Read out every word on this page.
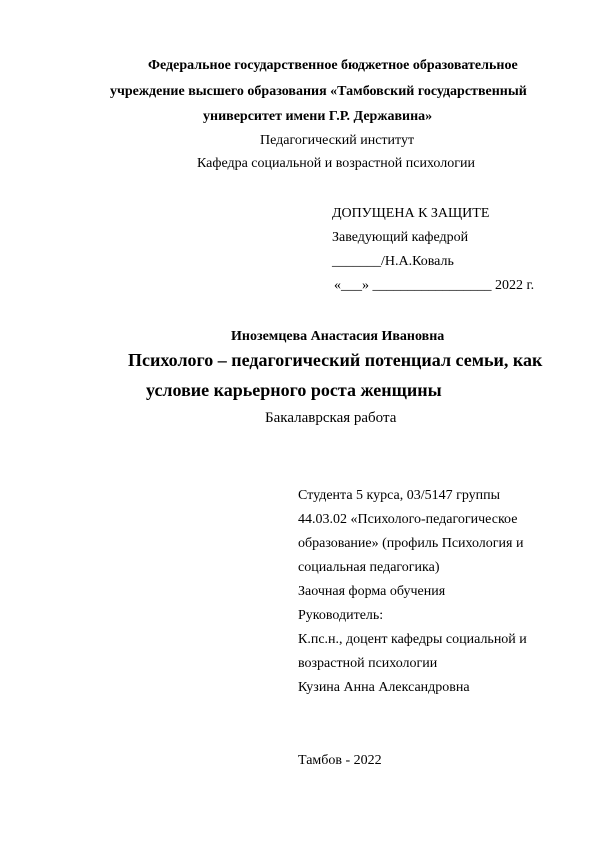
Федеральное государственное бюджетное образовательное
учреждение высшего образования «Тамбовский государственный
университет имени Г.Р. Державина»
Педагогический институт
Кафедра социальной и возрастной психологии
ДОПУЩЕНА К ЗАЩИТЕ
Заведующий кафедрой
_______/Н.А.Коваль
«___» _________________ 2022 г.
Иноземцева Анастасия Ивановна
Психолого – педагогический потенциал семьи, как
условие карьерного роста женщины
Бакалаврская работа
Студента 5 курса, 03/5147 группы
44.03.02 «Психолого-педагогическое
образование» (профиль Психология и
социальная педагогика)
Заочная форма обучения
Руководитель:
К.пс.н., доцент кафедры социальной и
возрастной психологии
Кузина Анна Александровна
Тамбов - 2022
